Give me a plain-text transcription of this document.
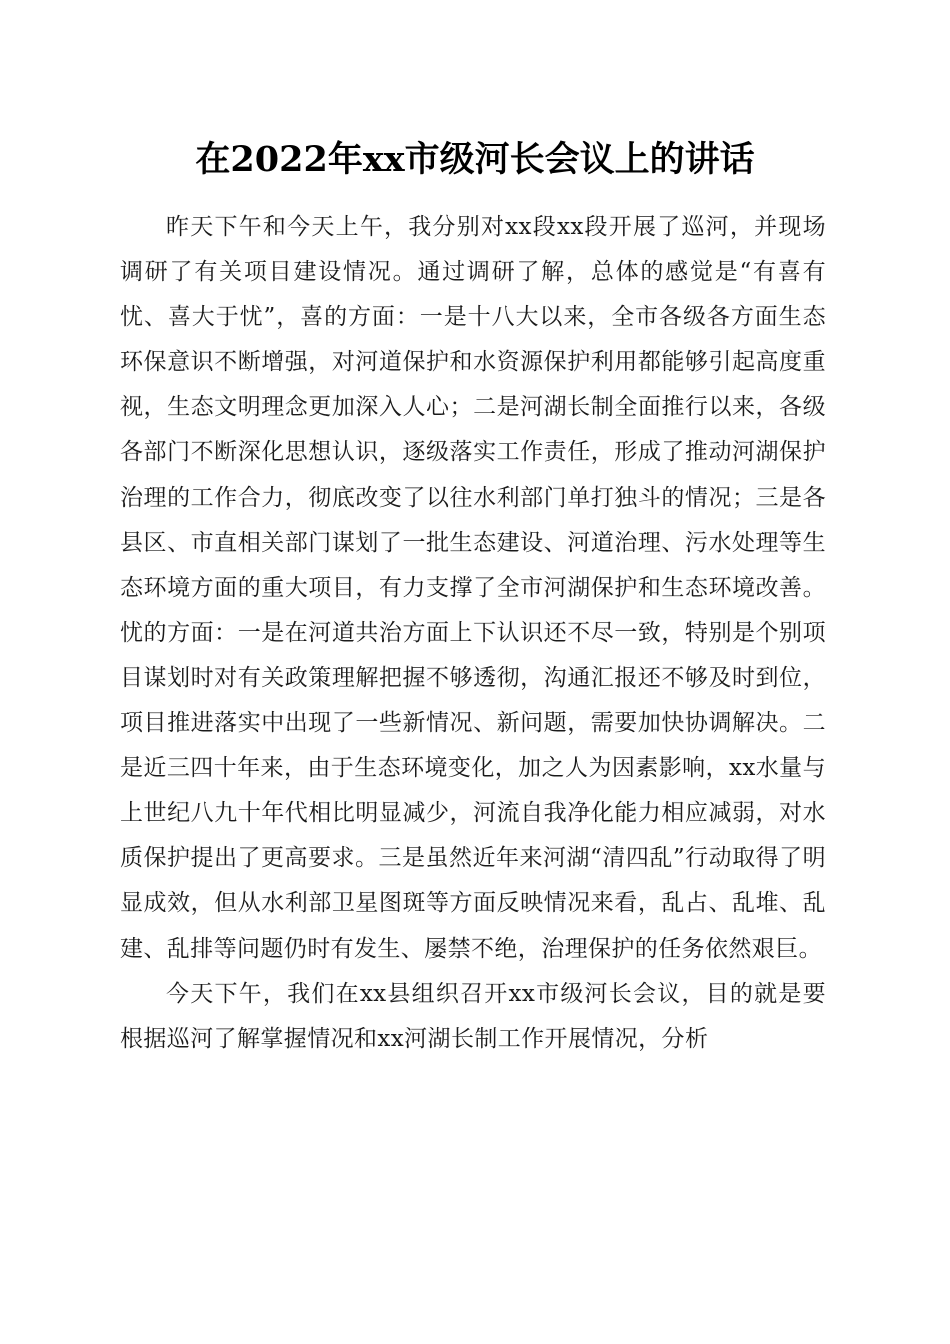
在2022年xx市级河长会议上的讲话

昨天下午和今天上午，我分别对xx段xx段开展了巡河，并现场调研了有关项目建设情况。通过调研了解，总体的感觉是“有喜有忧、喜大于忧”，喜的方面：一是十八大以来，全市各级各方面生态环保意识不断增强，对河道保护和水资源保护利用都能够引起高度重视，生态文明理念更加深入人心；二是河湖长制全面推行以来，各级各部门不断深化思想认识，逐级落实工作责任，形成了推动河湖保护治理的工作合力，彻底改变了以往水利部门单打独斗的情况；三是各县区、市直相关部门谋划了一批生态建设、河道治理、污水处理等生态环境方面的重大项目，有力支撑了全市河湖保护和生态环境改善。忧的方面：一是在河道共治方面上下认识还不尽一致，特别是个别项目谋划时对有关政策理解把握不够透彻，沟通汇报还不够及时到位，项目推进落实中出现了一些新情况、新问题，需要加快协调解决。二是近三四十年来，由于生态环境变化，加之人为因素影响，xx水量与上世纪八九十年代相比明显减少，河流自我净化能力相应减弱，对水质保护提出了更高要求。三是虽然近年来河湖“清四乱”行动取得了明显成效，但从水利部卫星图斑等方面反映情况来看，乱占、乱堆、乱建、乱排等问题仍时有发生、屡禁不绝，治理保护的任务依然艰巨。

今天下午，我们在xx县组织召开xx市级河长会议，目的就是要根据巡河了解掌握情况和xx河湖长制工作开展情况，分析
